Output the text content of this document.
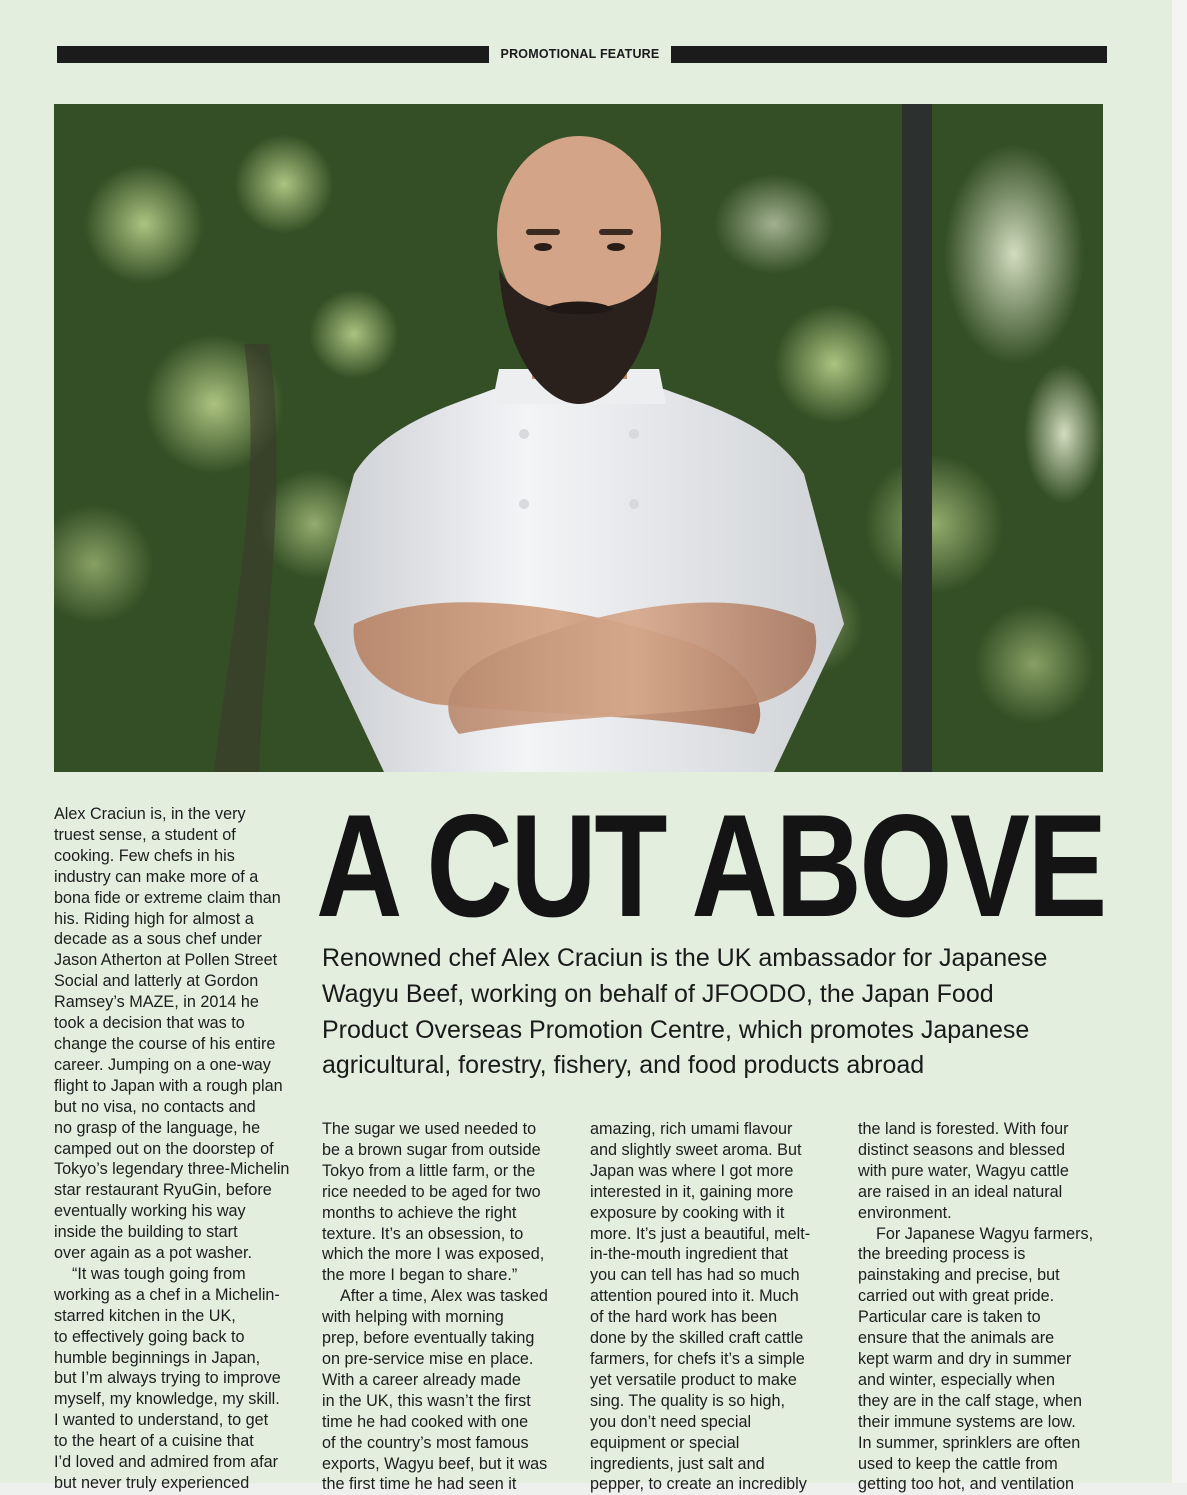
PROMOTIONAL FEATURE
A CUT ABOVE
Renowned chef Alex Craciun is the UK ambassador for Japanese
Wagyu Beef, working on behalf of JFOODO, the Japan Food
Product Overseas Promotion Centre, which promotes Japanese
agricultural, forestry, fishery, and food products abroad
Alex Craciun is, in the very
truest sense, a student of
cooking. Few chefs in his
industry can make more of a
bona fide or extreme claim than
his. Riding high for almost a
decade as a sous chef under
Jason Atherton at Pollen Street
Social and latterly at Gordon
Ramsey’s MAZE, in 2014 he
took a decision that was to
change the course of his entire
career. Jumping on a one-way
flight to Japan with a rough plan
but no visa, no contacts and
no grasp of the language, he
camped out on the doorstep of
Tokyo’s legendary three-Michelin
star restaurant RyuGin, before
eventually working his way
inside the building to start
over again as a pot washer.
“It was tough going from
working as a chef in a Michelin-
starred kitchen in the UK,
to effectively going back to
humble beginnings in Japan,
but I’m always trying to improve
myself, my knowledge, my skill.
I wanted to understand, to get
to the heart of a cuisine that
I’d loved and admired from afar
but never truly experienced
The sugar we used needed to
be a brown sugar from outside
Tokyo from a little farm, or the
rice needed to be aged for two
months to achieve the right
texture. It’s an obsession, to
which the more I was exposed,
the more I began to share.”
After a time, Alex was tasked
with helping with morning
prep, before eventually taking
on pre-service mise en place.
With a career already made
in the UK, this wasn’t the first
time he had cooked with one
of the country’s most famous
exports, Wagyu beef, but it was
the first time he had seen it
amazing, rich umami flavour
and slightly sweet aroma. But
Japan was where I got more
interested in it, gaining more
exposure by cooking with it
more. It’s just a beautiful, melt-
in-the-mouth ingredient that
you can tell has had so much
attention poured into it. Much
of the hard work has been
done by the skilled craft cattle
farmers, for chefs it’s a simple
yet versatile product to make
sing. The quality is so high,
you don’t need special
equipment or special
ingredients, just salt and
pepper, to create an incredibly
the land is forested. With four
distinct seasons and blessed
with pure water, Wagyu cattle
are raised in an ideal natural
environment.
For Japanese Wagyu farmers,
the breeding process is
painstaking and precise, but
carried out with great pride.
Particular care is taken to
ensure that the animals are
kept warm and dry in summer
and winter, especially when
they are in the calf stage, when
their immune systems are low.
In summer, sprinklers are often
used to keep the cattle from
getting too hot, and ventilation
